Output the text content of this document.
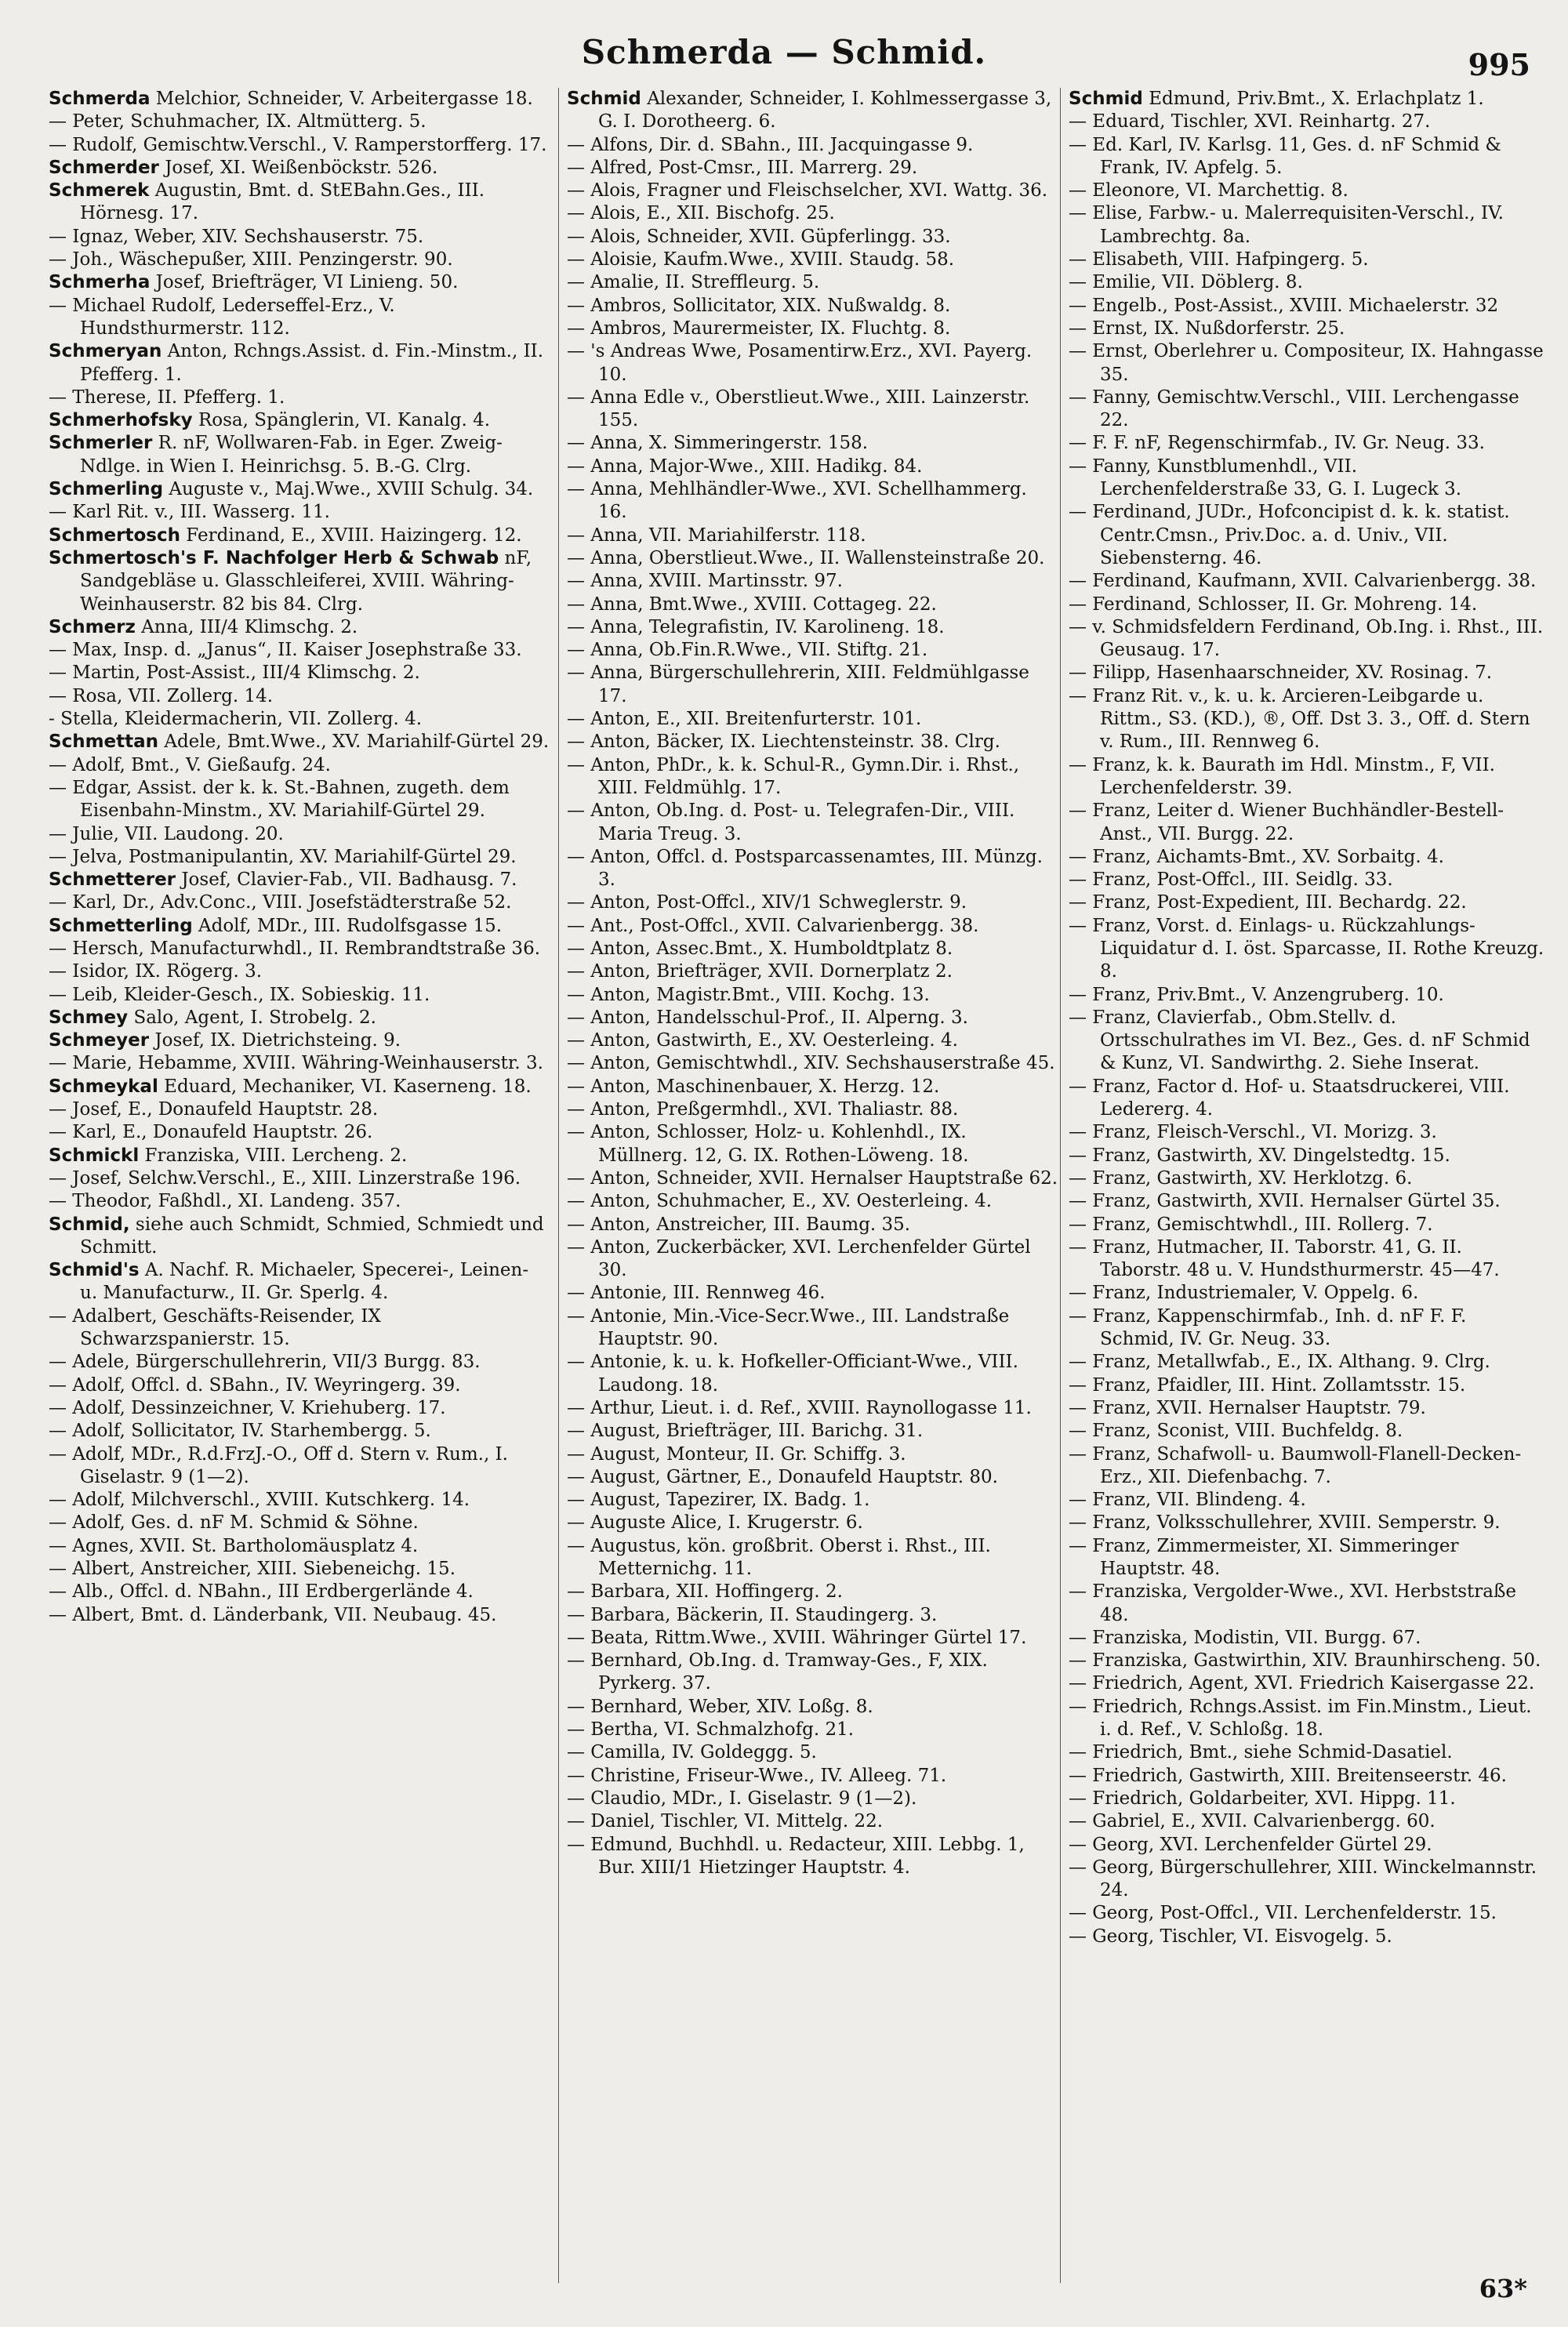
Schmerda — Schmid.	995

Schmerda Melchior, Schneider, V. Arbeitergasse 18.

— Peter, Schuhmacher, IX. Altmütterg. 5.

— Rudolf, Gemischtw.Verschl., V. Ramperstorfferg. 17.

Schmerder Josef, XI. Weißenböckstr. 526.

Schmerek Augustin, Bmt. d. StEBahn.Ges., III. Hörnesg. 17.

— Ignaz, Weber, XIV. Sechshauserstr. 75.

— Joh., Wäschepußer, XIII. Penzingerstr. 90.

Schmerha Josef, Briefträger, VI Linieng. 50.

— Michael Rudolf, Lederseffel-Erz., V. Hundsthurmerstr. 112.

Schmeryan Anton, Rchngs.Assist. d. Fin.-Minstm., II. Pfefferg. 1.

— Therese, II. Pfefferg. 1.

Schmerhofsky Rosa, Spänglerin, VI. Kanalg. 4.

Schmerler R. nF, Wollwaren-Fab. in Eger. Zweig-Ndlge. in Wien I. Heinrichsg. 5. B.-G. Clrg.

Schmerling Auguste v., Maj.Wwe., XVIII Schulg. 34.

— Karl Rit. v., III. Wasserg. 11.

Schmertosch Ferdinand, E., XVIII. Haizingerg. 12.

Schmertosch's F. Nachfolger Herb & Schwab nF, Sandgebläse u. Glasschleiferei, XVIII. Währing-Weinhauserstr. 82 bis 84. Clrg.

Schmerz Anna, III/4 Klimschg. 2.

— Max, Insp. d. „Janus“, II. Kaiser Josephstraße 33.

— Martin, Post-Assist., III/4 Klimschg. 2.

— Rosa, VII. Zollerg. 14.

- Stella, Kleidermacherin, VII. Zollerg. 4.

Schmettan Adele, Bmt.Wwe., XV. Mariahilf-Gürtel 29.

— Adolf, Bmt., V. Gießaufg. 24.

— Edgar, Assist. der k. k. St.-Bahnen, zugeth. dem Eisenbahn-Minstm., XV. Mariahilf-Gürtel 29.

— Julie, VII. Laudong. 20.

— Jelva, Postmanipulantin, XV. Mariahilf-Gürtel 29.

Schmetterer Josef, Clavier-Fab., VII. Badhausg. 7.

— Karl, Dr., Adv.Conc., VIII. Josefstädterstraße 52.

Schmetterling Adolf, MDr., III. Rudolfsgasse 15.

— Hersch, Manufacturwhdl., II. Rembrandtstraße 36.

— Isidor, IX. Rögerg. 3.

— Leib, Kleider-Gesch., IX. Sobieskig. 11.

Schmey Salo, Agent, I. Strobelg. 2.

Schmeyer Josef, IX. Dietrichsteing. 9.

— Marie, Hebamme, XVIII. Währing-Weinhauserstr. 3.

Schmeykal Eduard, Mechaniker, VI. Kaserneng. 18.

— Josef, E., Donaufeld Hauptstr. 28.

— Karl, E., Donaufeld Hauptstr. 26.

Schmickl Franziska, VIII. Lercheng. 2.

— Josef, Selchw.Verschl., E., XIII. Linzerstraße 196.

— Theodor, Faßhdl., XI. Landeng. 357.

Schmid, siehe auch Schmidt, Schmied, Schmiedt und Schmitt.

Schmid's A. Nachf. R. Michaeler, Specerei-, Leinen- u. Manufacturw., II. Gr. Sperlg. 4.

— Adalbert, Geschäfts-Reisender, IX Schwarzspanierstr. 15.

— Adele, Bürgerschullehrerin, VII/3 Burgg. 83.

— Adolf, Offcl. d. SBahn., IV. Weyringerg. 39.

— Adolf, Dessinzeichner, V. Kriehuberg. 17.

— Adolf, Sollicitator, IV. Starhembergg. 5.

— Adolf, MDr., R.d.FrzJ.-O., Off d. Stern v. Rum., I. Giselastr. 9 (1—2).

— Adolf, Milchverschl., XVIII. Kutschkerg. 14.

— Adolf, Ges. d. nF M. Schmid & Söhne.

— Agnes, XVII. St. Bartholomäusplatz 4.

— Albert, Anstreicher, XIII. Siebeneichg. 15.

— Alb., Offcl. d. NBahn., III Erdbergerlände 4.

— Albert, Bmt. d. Länderbank, VII. Neubaug. 45.

Schmid Alexander, Schneider, I. Kohlmessergasse 3, G. I. Dorotheerg. 6.

— Alfons, Dir. d. SBahn., III. Jacquingasse 9.

— Alfred, Post-Cmsr., III. Marrerg. 29.

— Alois, Fragner und Fleischselcher, XVI. Wattg. 36.

— Alois, E., XII. Bischofg. 25.

— Alois, Schneider, XVII. Güpferlingg. 33.

— Aloisie, Kaufm.Wwe., XVIII. Staudg. 58.

— Amalie, II. Streffleurg. 5.

— Ambros, Sollicitator, XIX. Nußwaldg. 8.

— Ambros, Maurermeister, IX. Fluchtg. 8.

— 's Andreas Wwe, Posamentirw.Erz., XVI. Payerg. 10.

— Anna Edle v., Oberstlieut.Wwe., XIII. Lainzerstr. 155.

— Anna, X. Simmeringerstr. 158.

— Anna, Major-Wwe., XIII. Hadikg. 84.

— Anna, Mehlhändler-Wwe., XVI. Schellhammerg. 16.

— Anna, VII. Mariahilferstr. 118.

— Anna, Oberstlieut.Wwe., II. Wallensteinstraße 20.

— Anna, XVIII. Martinsstr. 97.

— Anna, Bmt.Wwe., XVIII. Cottageg. 22.

— Anna, Telegrafistin, IV. Karolineng. 18.

— Anna, Ob.Fin.R.Wwe., VII. Stiftg. 21.

— Anna, Bürgerschullehrerin, XIII. Feldmühlgasse 17.

— Anton, E., XII. Breitenfurterstr. 101.

— Anton, Bäcker, IX. Liechtensteinstr. 38. Clrg.

— Anton, PhDr., k. k. Schul-R., Gymn.Dir. i. Rhst., XIII. Feldmühlg. 17.

— Anton, Ob.Ing. d. Post- u. Telegrafen-Dir., VIII. Maria Treug. 3.

— Anton, Offcl. d. Postsparcassenamtes, III. Münzg. 3.

— Anton, Post-Offcl., XIV/1 Schweglerstr. 9.

— Ant., Post-Offcl., XVII. Calvarienbergg. 38.

— Anton, Assec.Bmt., X. Humboldtplatz 8.

— Anton, Briefträger, XVII. Dornerplatz 2.

— Anton, Magistr.Bmt., VIII. Kochg. 13.

— Anton, Handelsschul-Prof., II. Alperng. 3.

— Anton, Gastwirth, E., XV. Oesterleing. 4.

— Anton, Gemischtwhdl., XIV. Sechshauserstraße 45.

— Anton, Maschinenbauer, X. Herzg. 12.

— Anton, Preßgermhdl., XVI. Thaliastr. 88.

— Anton, Schlosser, Holz- u. Kohlenhdl., IX. Müllnerg. 12, G. IX. Rothen-Löweng. 18.

— Anton, Schneider, XVII. Hernalser Hauptstraße 62.

— Anton, Schuhmacher, E., XV. Oesterleing. 4.

— Anton, Anstreicher, III. Baumg. 35.

— Anton, Zuckerbäcker, XVI. Lerchenfelder Gürtel 30.

— Antonie, III. Rennweg 46.

— Antonie, Min.-Vice-Secr.Wwe., III. Landstraße Hauptstr. 90.

— Antonie, k. u. k. Hofkeller-Officiant-Wwe., VIII. Laudong. 18.

— Arthur, Lieut. i. d. Ref., XVIII. Raynollogasse 11.

— August, Briefträger, III. Barichg. 31.

— August, Monteur, II. Gr. Schiffg. 3.

— August, Gärtner, E., Donaufeld Hauptstr. 80.

— August, Tapezirer, IX. Badg. 1.

— Auguste Alice, I. Krugerstr. 6.

— Augustus, kön. großbrit. Oberst i. Rhst., III. Metternichg. 11.

— Barbara, XII. Hoffingerg. 2.

— Barbara, Bäckerin, II. Staudingerg. 3.

— Beata, Rittm.Wwe., XVIII. Währinger Gürtel 17.

— Bernhard, Ob.Ing. d. Tramway-Ges., F, XIX. Pyrkerg. 37.

— Bernhard, Weber, XIV. Loßg. 8.

— Bertha, VI. Schmalzhofg. 21.

— Camilla, IV. Goldeggg. 5.

— Christine, Friseur-Wwe., IV. Alleeg. 71.

— Claudio, MDr., I. Giselastr. 9 (1—2).

— Daniel, Tischler, VI. Mittelg. 22.

— Edmund, Buchhdl. u. Redacteur, XIII. Lebbg. 1, Bur. XIII/1 Hietzinger Hauptstr. 4.

Schmid Edmund, Priv.Bmt., X. Erlachplatz 1.

— Eduard, Tischler, XVI. Reinhartg. 27.

— Ed. Karl, IV. Karlsg. 11, Ges. d. nF Schmid & Frank, IV. Apfelg. 5.

— Eleonore, VI. Marchettig. 8.

— Elise, Farbw.- u. Malerrequisiten-Verschl., IV. Lambrechtg. 8a.

— Elisabeth, VIII. Hafpingerg. 5.

— Emilie, VII. Döblerg. 8.

— Engelb., Post-Assist., XVIII. Michaelerstr. 32

— Ernst, IX. Nußdorferstr. 25.

— Ernst, Oberlehrer u. Compositeur, IX. Hahngasse 35.

— Fanny, Gemischtw.Verschl., VIII. Lerchengasse 22.

— F. F. nF, Regenschirmfab., IV. Gr. Neug. 33.

— Fanny, Kunstblumenhdl., VII. Lerchenfelderstraße 33, G. I. Lugeck 3.

— Ferdinand, JUDr., Hofconcipist d. k. k. statist. Centr.Cmsn., Priv.Doc. a. d. Univ., VII. Siebensterng. 46.

— Ferdinand, Kaufmann, XVII. Calvarienbergg. 38.

— Ferdinand, Schlosser, II. Gr. Mohreng. 14.

— v. Schmidsfeldern Ferdinand, Ob.Ing. i. Rhst., III. Geusaug. 17.

— Filipp, Hasenhaarschneider, XV. Rosinag. 7.

— Franz Rit. v., k. u. k. Arcieren-Leibgarde u. Rittm., S3. (KD.), ®, Off. Dst 3. 3., Off. d. Stern v. Rum., III. Rennweg 6.

— Franz, k. k. Baurath im Hdl. Minstm., F, VII. Lerchenfelderstr. 39.

— Franz, Leiter d. Wiener Buchhändler-Bestell-Anst., VII. Burgg. 22.

— Franz, Aichamts-Bmt., XV. Sorbaitg. 4.

— Franz, Post-Offcl., III. Seidlg. 33.

— Franz, Post-Expedient, III. Bechardg. 22.

— Franz, Vorst. d. Einlags- u. Rückzahlungs-Liquidatur d. I. öst. Sparcasse, II. Rothe Kreuzg. 8.

— Franz, Priv.Bmt., V. Anzengruberg. 10.

— Franz, Clavierfab., Obm.Stellv. d. Ortsschulrathes im VI. Bez., Ges. d. nF Schmid & Kunz, VI. Sandwirthg. 2. Siehe Inserat.

— Franz, Factor d. Hof- u. Staatsdruckerei, VIII. Ledererg. 4.

— Franz, Fleisch-Verschl., VI. Morizg. 3.

— Franz, Gastwirth, XV. Dingelstedtg. 15.

— Franz, Gastwirth, XV. Herklotzg. 6.

— Franz, Gastwirth, XVII. Hernalser Gürtel 35.

— Franz, Gemischtwhdl., III. Rollerg. 7.

— Franz, Hutmacher, II. Taborstr. 41, G. II. Taborstr. 48 u. V. Hundsthurmerstr. 45—47.

— Franz, Industriemaler, V. Oppelg. 6.

— Franz, Kappenschirmfab., Inh. d. nF F. F. Schmid, IV. Gr. Neug. 33.

— Franz, Metallwfab., E., IX. Althang. 9. Clrg.

— Franz, Pfaidler, III. Hint. Zollamtsstr. 15.

— Franz, XVII. Hernalser Hauptstr. 79.

— Franz, Sconist, VIII. Buchfeldg. 8.

— Franz, Schafwoll- u. Baumwoll-Flanell-Decken-Erz., XII. Diefenbachg. 7.

— Franz, VII. Blindeng. 4.

— Franz, Volksschullehrer, XVIII. Semperstr. 9.

— Franz, Zimmermeister, XI. Simmeringer Hauptstr. 48.

— Franziska, Vergolder-Wwe., XVI. Herbststraße 48.

— Franziska, Modistin, VII. Burgg. 67.

— Franziska, Gastwirthin, XIV. Braunhirscheng. 50.

— Friedrich, Agent, XVI. Friedrich Kaisergasse 22.

— Friedrich, Rchngs.Assist. im Fin.Minstm., Lieut. i. d. Ref., V. Schloßg. 18.

— Friedrich, Bmt., siehe Schmid-Dasatiel.

— Friedrich, Gastwirth, XIII. Breitenseerstr. 46.

— Friedrich, Goldarbeiter, XVI. Hippg. 11.

— Gabriel, E., XVII. Calvarienbergg. 60.

— Georg, XVI. Lerchenfelder Gürtel 29.

— Georg, Bürgerschullehrer, XIII. Winckelmannstr. 24.

— Georg, Post-Offcl., VII. Lerchenfelderstr. 15.

— Georg, Tischler, VI. Eisvogelg. 5.

63*
